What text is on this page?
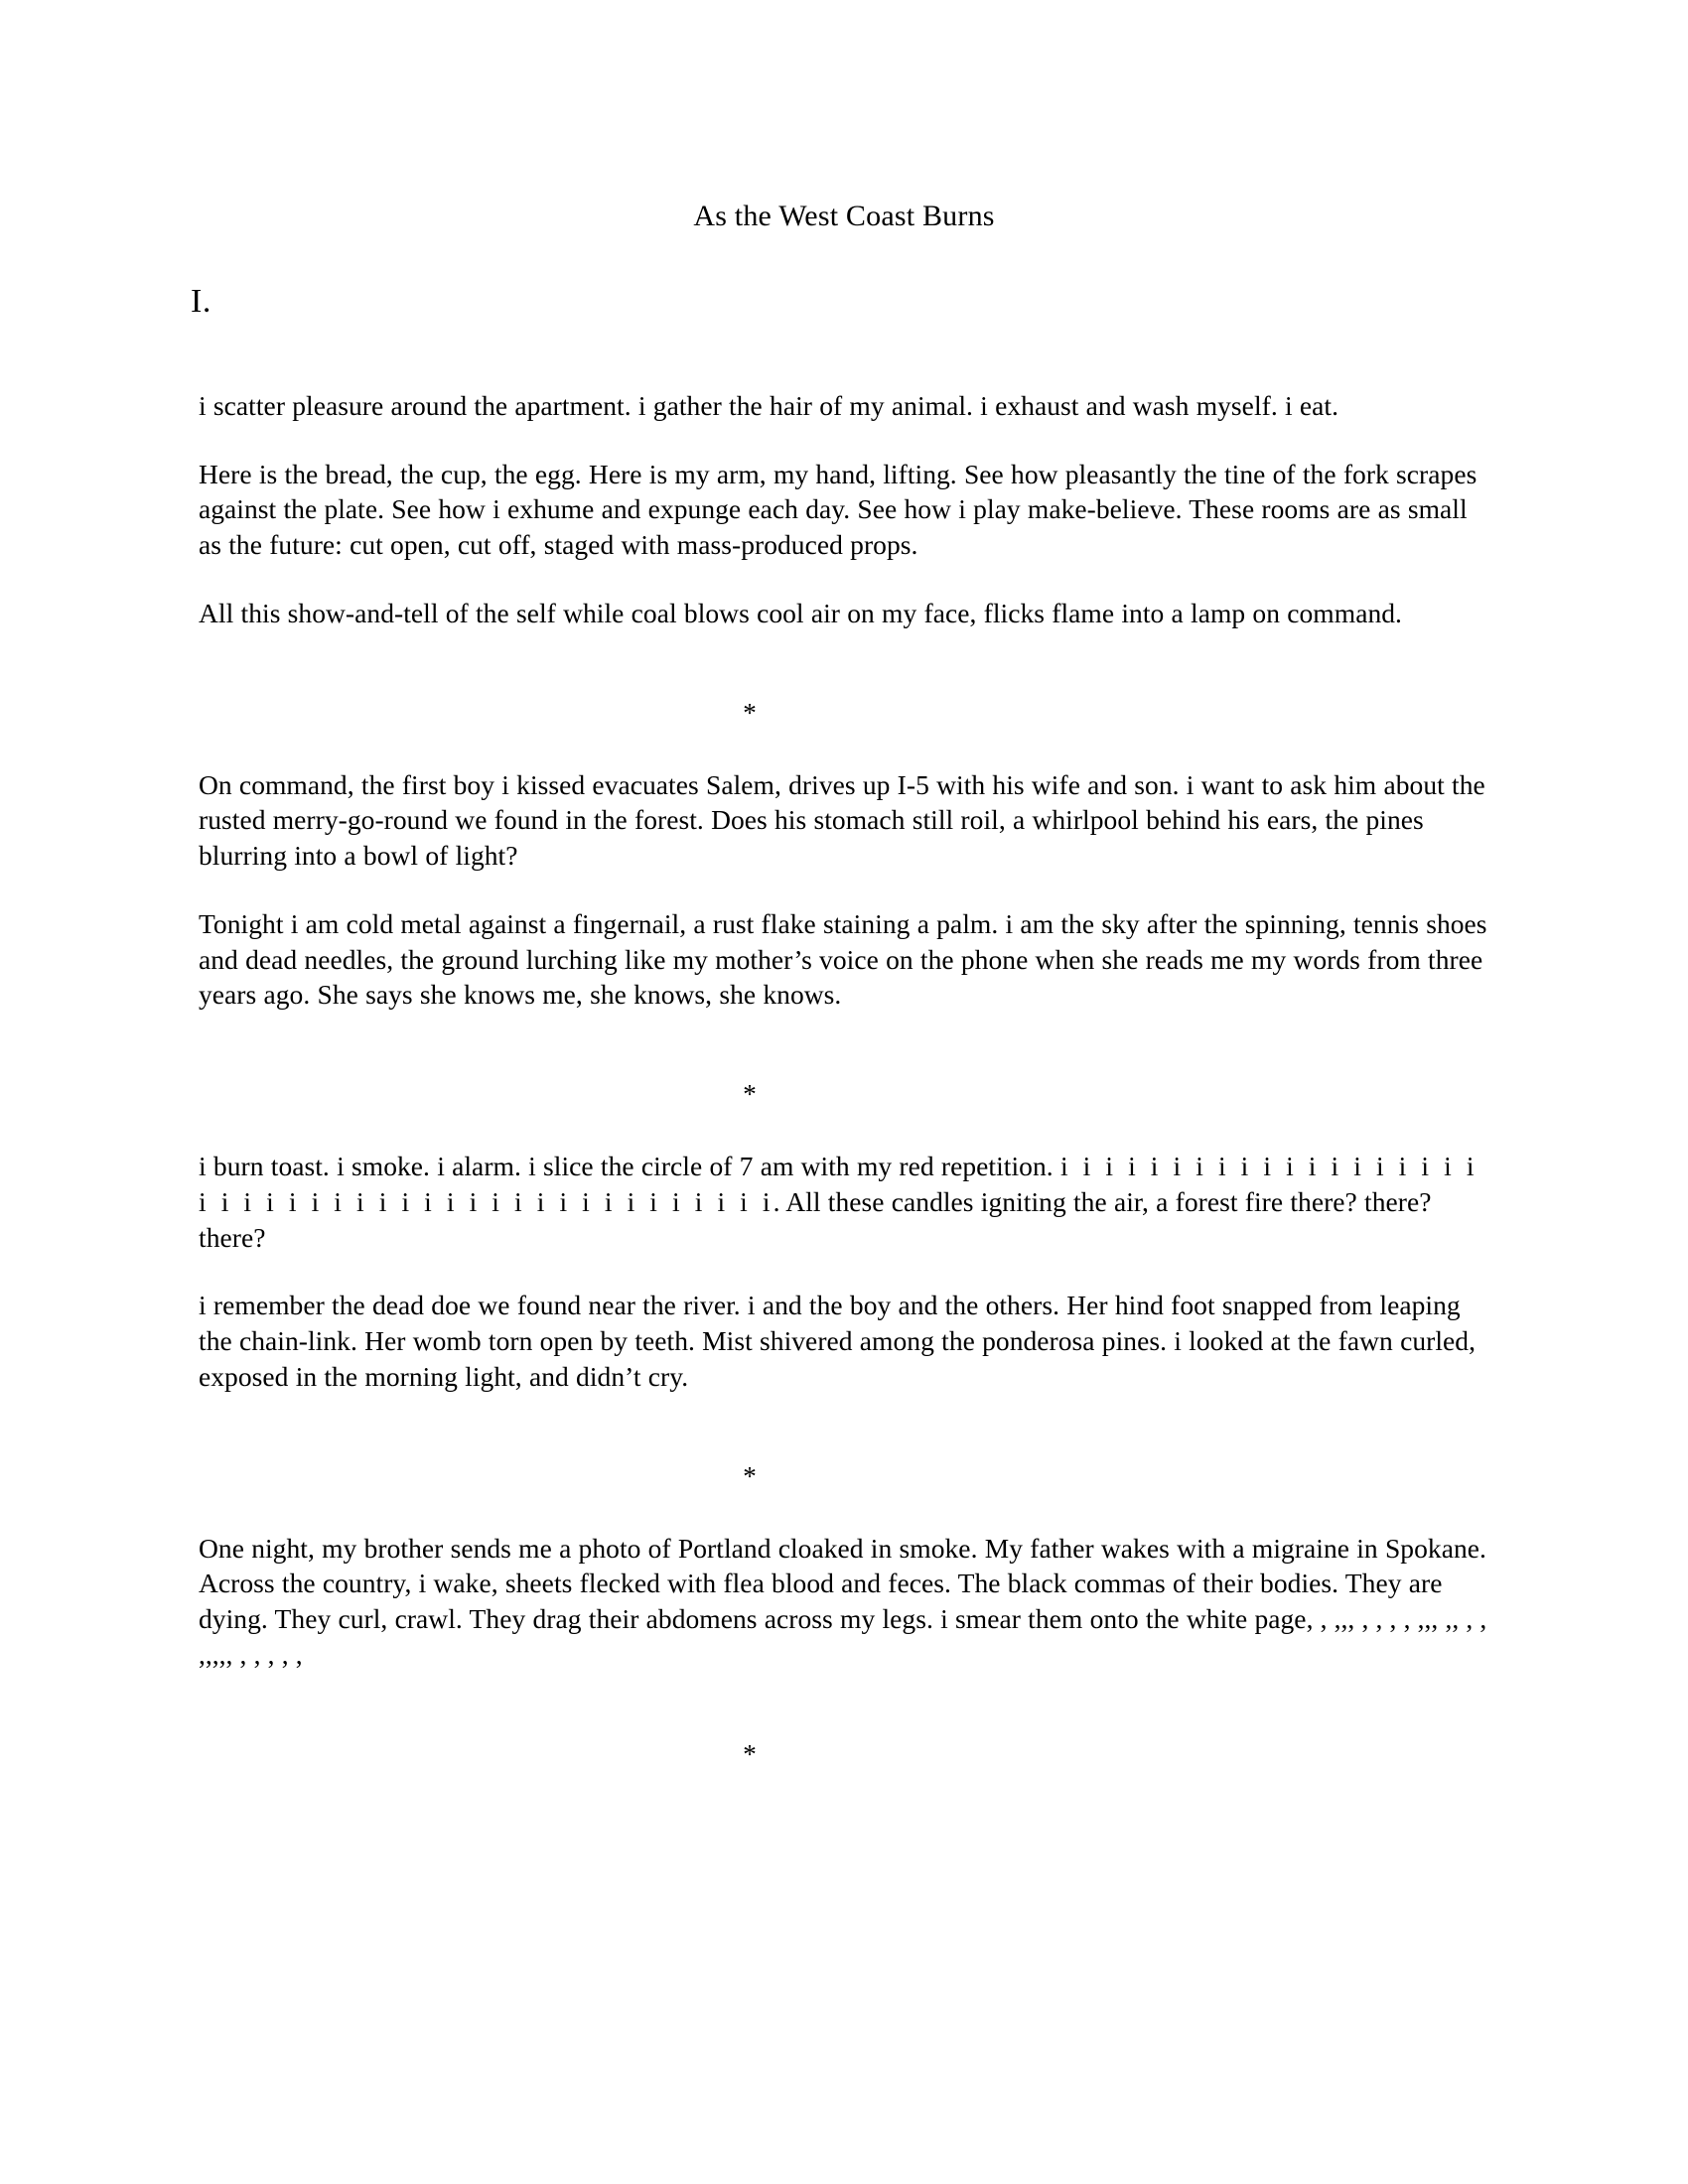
As the West Coast Burns
I.

i scatter pleasure around the apartment. i gather the hair of my animal. i exhaust and wash myself. i eat.

Here is the bread, the cup, the egg. Here is my arm, my hand, lifting. See how pleasantly the tine of the fork scrapes against the plate. See how i exhume and expunge each day. See how i play make-believe. These rooms are as small as the future: cut open, cut off, staged with mass-produced props.

All this show-and-tell of the self while coal blows cool air on my face, flicks flame into a lamp on command.

*

On command, the first boy i kissed evacuates Salem, drives up I-5 with his wife and son. i want to ask him about the rusted merry-go-round we found in the forest. Does his stomach still roil, a whirlpool behind his ears, the pines blurring into a bowl of light?

Tonight i am cold metal against a fingernail, a rust flake staining a palm. i am the sky after the spinning, tennis shoes and dead needles, the ground lurching like my mother’s voice on the phone when she reads me my words from three years ago. She says she knows me, she knows, she knows.

*

i burn toast. i smoke. i alarm. i slice the circle of 7 am with my red repetition. i i i i i i i i i i i i i i i i i i i i i i i i i i i i i i i i i i i i i i i i i i i i i. All these candles igniting the air, a forest fire there? there? there?

i remember the dead doe we found near the river. i and the boy and the others. Her hind foot snapped from leaping the chain-link. Her womb torn open by teeth. Mist shivered among the ponderosa pines. i looked at the fawn curled, exposed in the morning light, and didn’t cry.

*

One night, my brother sends me a photo of Portland cloaked in smoke. My father wakes with a migraine in Spokane. Across the country, i wake, sheets flecked with flea blood and feces. The black commas of their bodies. They are dying. They curl, crawl. They drag their abdomens across my legs. i smear them onto the white page, , ,,, , , , , ,,, ,, , , ,,,,, , , , , ,

*
